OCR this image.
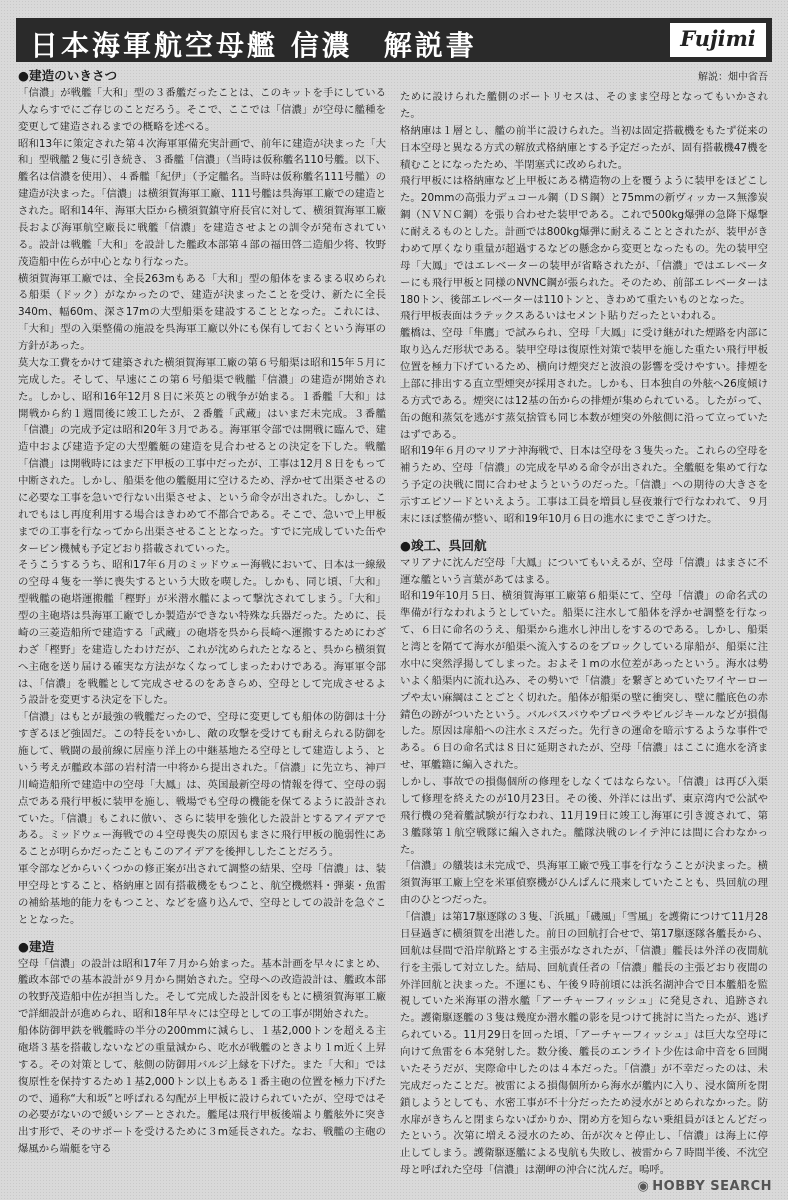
日本海軍航空母艦 信濃　解説書	Fujimi

●建造のいきさつ

「信濃」が戦艦「大和」型の３番艦だったことは、このキットを手にしている人ならすでにご存じのことだろう。そこで、ここでは「信濃」が空母に艦種を変更して建造されるまでの概略を述べる。

昭和13年に策定された第４次海軍軍備充実計画で、前年に建造が決まった「大和」型戦艦２隻に引き続き、３番艦「信濃」（当時は仮称艦名110号艦。以下、艦名は信濃を使用）、４番艦「紀伊」（予定艦名。当時は仮称艦名111号艦）の建造が決まった。「信濃」は横須賀海軍工廠、111号艦は呉海軍工廠での建造とされた。昭和14年、海軍大臣から横須賀鎮守府長官に対して、横須賀海軍工廠長および海軍航空廠長に戦艦「信濃」を建造させよとの訓令が発布されている。設計は戦艦「大和」を設計した艦政本部第４部の福田啓二造船少将、牧野茂造船中佐らが中心となり行なった。

横須賀海軍工廠では、全長263mもある「大和」型の船体をまるまる収められる船渠（ドック）がなかったので、建造が決まったことを受け、新たに全長340m、幅60m、深さ17mの大型船渠を建設することとなった。これには、「大和」型の入渠整備の施設を呉海軍工廠以外にも保有しておくという海軍の方針があった。

莫大な工費をかけて建築された横須賀海軍工廠の第６号船渠は昭和15年５月に完成した。そして、早速にこの第６号船渠で戦艦「信濃」の建造が開始された。しかし、昭和16年12月８日に米英との戦争が始まる。１番艦「大和」は開戦から約１週間後に竣工したが、２番艦「武蔵」はいまだ未完成。３番艦「信濃」の完成予定は昭和20年３月である。海軍軍令部では開戦に臨んで、建造中および建造予定の大型艦艇の建造を見合わせるとの決定を下した。戦艦「信濃」は開戦時にはまだ下甲板の工事中だったが、工事は12月８日をもって中断された。しかし、船渠を他の艦艇用に空けるため、浮かせて出渠させるのに必要な工事を急いで行ない出渠させよ、という命令が出された。しかし、これでもはし再度利用する場合はきわめて不都合である。そこで、急いで上甲板までの工事を行なってから出渠させることとなった。すでに完成していた缶やタービン機械も予定どおり搭載されていった。

そうこうするうち、昭和17年６月のミッドウェー海戦において、日本は一線級の空母４隻を一挙に喪失するという大敗を喫した。しかも、同じ頃、「大和」型戦艦の砲塔運搬艦「樫野」が米潜水艦によって撃沈されてしまう。「大和」型の主砲塔は呉海軍工廠でしか製造ができない特殊な兵器だった。ために、長崎の三菱造船所で建造する「武蔵」の砲塔を呉から長崎へ運搬するためにわざわざ「樫野」を建造したわけだが、これが沈められたとなると、呉から横須賀へ主砲を送り届ける確実な方法がなくなってしまったわけである。海軍軍令部は、「信濃」を戦艦として完成させるのをあきらめ、空母として完成させるよう設計を変更する決定を下した。

「信濃」はもとが最強の戦艦だったので、空母に変更しても船体の防御は十分すぎるほど強固だ。この特長をいかし、敵の攻撃を受けても耐えられる防御を施して、戦闘の最前線に居座り洋上の中継基地たる空母として建造しよう、という考えが艦政本部の岩村清一中将から提出された。「信濃」に先立ち、神戸川崎造船所で建造中の空母「大鳳」は、英国最新空母の情報を得て、空母の弱点である飛行甲板に装甲を施し、戦場でも空母の機能を保てるように設計されていた。「信濃」もこれに倣い、さらに装甲を強化した設計とするアイデアである。ミッドウェー海戦での４空母喪失の原因もまさに飛行甲板の脆弱性にあることが明らかだったこともこのアイデアを後押ししたことだろう。

軍令部などからいくつかの修正案が出されて調整の結果、空母「信濃」は、装甲空母とすること、格納庫と固有搭載機をもつこと、航空機燃料・弾薬・魚雷の補給基地的能力をもつこと、などを盛り込んで、空母としての設計を急ぐこととなった。

●建造

空母「信濃」の設計は昭和17年７月から始まった。基本計画を早々にまとめ、艦政本部での基本設計が９月から開始された。空母への改造設計は、艦政本部の牧野茂造船中佐が担当した。そして完成した設計図をもとに横須賀海軍工廠で詳細設計が進められ、昭和18年早々には空母としての工事が開始された。

船体防御甲鉄を戦艦時の半分の200mmに減らし、１基2,000トンを超える主砲塔３基を搭載しないなどの重量減から、吃水が戦艦のときより１m近く上昇する。その対策として、舷側の防御用バルジ上縁を下げた。また「大和」では復原性を保持するため１基2,000トン以上もある１番主砲の位置を極力下げたので、通称“大和坂”と呼ばれる勾配が上甲板に設けられていたが、空母ではその必要がないので緩いシアーとされた。艦尾は飛行甲板後端より艦舷外に突き出す形で、そのサポートを受けるために３m延長された。なお、戦艦の主砲の爆風から端艇を守る

解説：畑中省吾

ために設けられた艦側のボートリセスは、そのまま空母となってもいかされた。

格納庫は１層とし、艦の前半に設けられた。当初は固定搭載機をもたず従来の日本空母と異なる方式の解放式格納庫とする予定だったが、固有搭載機47機を積むことになったため、半閉塞式に改められた。

飛行甲板には格納庫など上甲板にある構造物の上を覆うように装甲をほどこした。20mmの高張力デュコール鋼（ＤＳ鋼）と75mmの新ヴィッカース無滲炭鋼（ＮＶＮＣ鋼）を張り合わせた装甲である。これで500kg爆弾の急降下爆撃に耐えるものとした。計画では800kg爆弾に耐えることとされたが、装甲がきわめて厚くなり重量が超過するなどの懸念から変更となったもの。先の装甲空母「大鳳」ではエレベーターの装甲が省略されたが、「信濃」ではエレベーターにも飛行甲板と同様のNVNC鋼が張られた。そのため、前部エレベーターは180トン、後部エレベーターは110トンと、きわめて重たいものとなった。

飛行甲板表面はラテックスあるいはセメント貼りだったといわれる。

艦橋は、空母「隼鷹」で試みられ、空母「大鳳」に受け継がれた煙路を内部に取り込んだ形状である。装甲空母は復原性対策で装甲を施した重たい飛行甲板位置を極力下げているため、横向け煙突だと波浪の影響を受けやすい。排煙を上部に排出する直立型煙突が採用された。しかも、日本独自の外舷へ26度傾ける方式である。煙突には12基の缶からの排煙が集められている。したがって、缶の飽和蒸気を逃がす蒸気捨管も同じ本数が煙突の外舷側に沿って立っていたはずである。

昭和19年６月のマリアナ沖海戦で、日本は空母を３隻失った。これらの空母を補うため、空母「信濃」の完成を早める命令が出された。全艦艇を集めて行なう予定の決戦に間に合わせようというのだった。「信濃」への期待の大きさを示すエピソードといえよう。工事は工員を増員し昼夜兼行で行なわれて、９月末にほぼ整備が整い、昭和19年10月６日の進水にまでこぎつけた。

●竣工、呉回航

マリアナに沈んだ空母「大鳳」についてもいえるが、空母「信濃」はまさに不運な艦という言葉があてはまる。

昭和19年10月５日、横須賀海軍工廠第６船渠にて、空母「信濃」の命名式の準備が行なわれようとしていた。船渠に注水して船体を浮かせ調整を行なって、６日に命名のうえ、船渠から進水し沖出しをするのである。しかし、船渠と湾とを隔てて海水が船渠へ流入するのをブロックしている扉船が、船渠に注水中に突然浮揚してしまった。およそ１mの水位差があったという。海水は勢いよく船渠内に流れ込み、その勢いで「信濃」を繋ぎとめていたワイヤーロープや太い麻綱はことごとく切れた。船体が船渠の壁に衝突し、壁に艦底色の赤錆色の跡がついたという。バルバスバウやプロペラやビルジキールなどが損傷した。原因は扉船への注水ミスだった。先行きの運命を暗示するような事件である。６日の命名式は８日に延期されたが、空母「信濃」はここに進水を済ませ、軍艦籍に編入された。

しかし、事故での損傷個所の修理をしなくてはならない。「信濃」は再び入渠して修理を終えたのが10月23日。その後、外洋には出ず、東京湾内で公試や飛行機の発着艦試験が行なわれ、11月19日に竣工し海軍に引き渡されて、第３艦隊第１航空戦隊に編入された。艦隊決戦のレイテ沖には間に合わなかった。

「信濃」の艤装は未完成で、呉海軍工廠で残工事を行なうことが決まった。横須賀海軍工廠上空を米軍偵察機がひんぱんに飛来していたことも、呉回航の理由のひとつだった。

「信濃」は第17駆逐隊の３隻、「浜風」「磯風」「雪風」を護衛につけて11月28日昼過ぎに横須賀を出港した。前日の回航打合せで、第17駆逐隊各艦長から、回航は昼間で沿岸航路とする主張がなされたが、「信濃」艦長は外洋の夜間航行を主張して対立した。結局、回航責任者の「信濃」艦長の主張どおり夜間の外洋回航と決まった。不運にも、午後９時前頃には浜名湖沖合で日本艦船を監視していた米海軍の潜水艦「アーチャーフィッシュ」に発見され、追跡された。護衛駆逐艦の３隻は幾度か潜水艦の影を見つけて挑討に当たったが、逃げられている。11月29日を回った頃、「アーチャーフィッシュ」は巨大な空母に向けて魚雷を６本発射した。数分後、艦長のエンライト少佐は命中音を６回聞いたそうだが、実際命中したのは４本だった。「信濃」が不幸だったのは、未完成だったことだ。被雷による損傷個所から海水が艦内に入り、浸水箇所を閉鎖しようとしても、水密工事が不十分だったため浸水がとめられなかった。防水扉がきちんと閉まらないばかりか、閉め方を知らない乗組員がほとんどだったという。次第に増える浸水のため、缶が次々と停止し、「信濃」は海上に停止してしまう。護衛駆逐艦による曳航も失敗し、被雷から７時間半後、不沈空母と呼ばれた空母「信濃」は潮岬の沖合に沈んだ。嗚呼。

◉ HOBBY SEARCH
